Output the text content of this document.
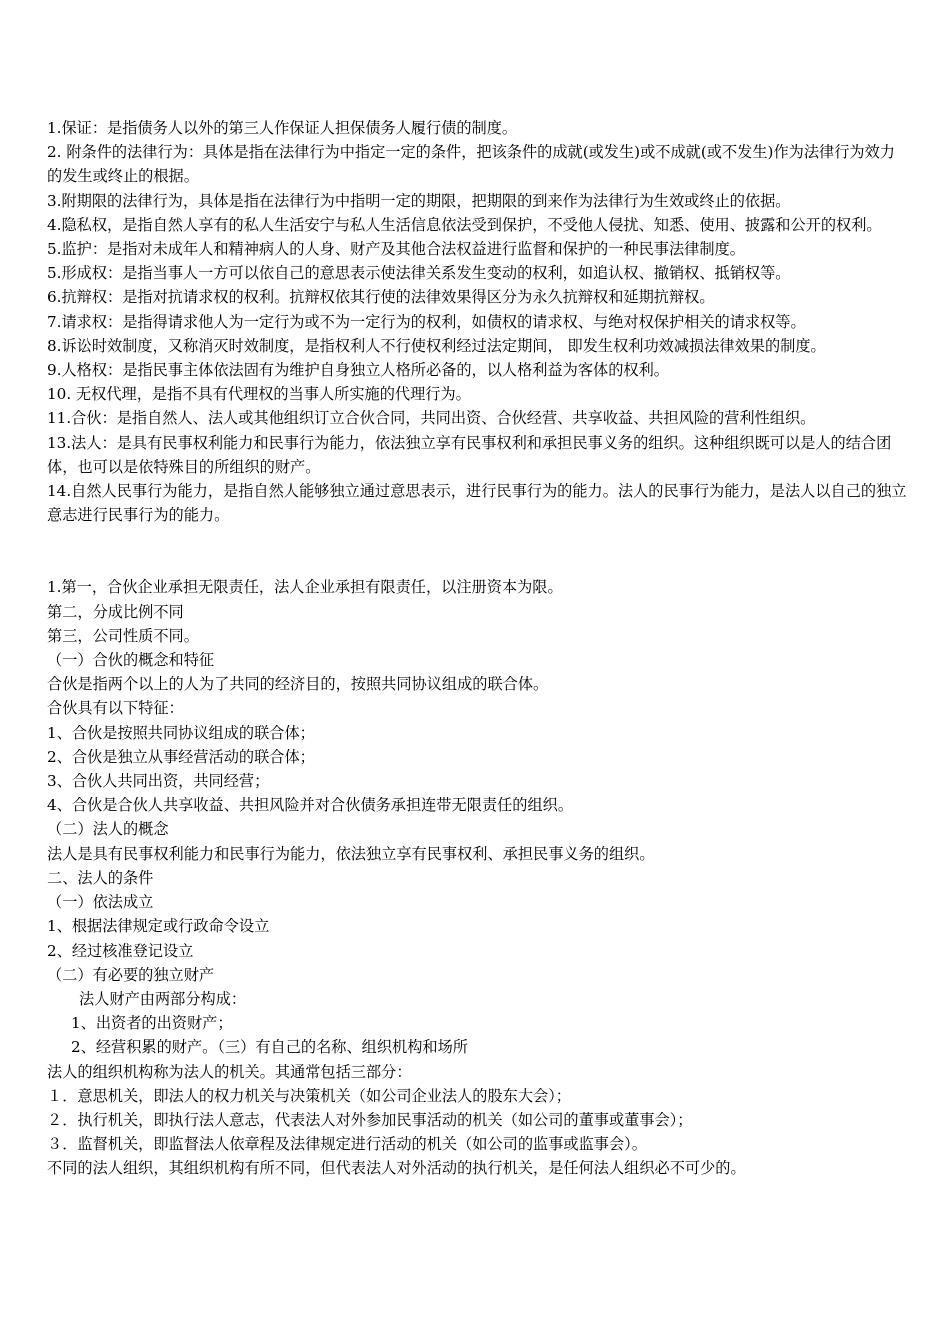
1.保证：是指债务人以外的第三人作保证人担保债务人履行债的制度。

2. 附条件的法律行为：具体是指在法律行为中指定一定的条件，把该条件的成就(或发生)或不成就(或不发生)作为法律行为效力的发生或终止的根据。

3.附期限的法律行为，具体是指在法律行为中指明一定的期限，把期限的到来作为法律行为生效或终止的依据。

4.隐私权，是指自然人享有的私人生活安宁与私人生活信息依法受到保护，不受他人侵扰、知悉、使用、披露和公开的权利。

5.监护：是指对未成年人和精神病人的人身、财产及其他合法权益进行监督和保护的一种民事法律制度。

5.形成权：是指当事人一方可以依自己的意思表示使法律关系发生变动的权利，如追认权、撤销权、抵销权等。

6.抗辩权：是指对抗请求权的权利。抗辩权依其行使的法律效果得区分为永久抗辩权和延期抗辩权。

7.请求权：是指得请求他人为一定行为或不为一定行为的权利，如债权的请求权、与绝对权保护相关的请求权等。

8.诉讼时效制度，又称消灭时效制度，是指权利人不行使权利经过法定期间， 即发生权利功效减损法律效果的制度。

9.人格权：是指民事主体依法固有为维护自身独立人格所必备的，以人格利益为客体的权利。

10. 无权代理，是指不具有代理权的当事人所实施的代理行为。

11.合伙：是指自然人、法人或其他组织订立合伙合同，共同出资、合伙经营、共享收益、共担风险的营利性组织。

13.法人：是具有民事权利能力和民事行为能力，依法独立享有民事权利和承担民事义务的组织。这种组织既可以是人的结合团体，也可以是依特殊目的所组织的财产。

14.自然人民事行为能力，是指自然人能够独立通过意思表示，进行民事行为的能力。法人的民事行为能力，是法人以自己的独立意志进行民事行为的能力。

1.第一，合伙企业承担无限责任，法人企业承担有限责任，以注册资本为限。

第二，分成比例不同

第三，公司性质不同。

（一）合伙的概念和特征

合伙是指两个以上的人为了共同的经济目的，按照共同协议组成的联合体。

合伙具有以下特征：

1、合伙是按照共同协议组成的联合体；

2、合伙是独立从事经营活动的联合体；

3、合伙人共同出资，共同经营；

4、合伙是合伙人共享收益、共担风险并对合伙债务承担连带无限责任的组织。

（二）法人的概念

法人是具有民事权利能力和民事行为能力，依法独立享有民事权利、承担民事义务的组织。

二、法人的条件

（一）依法成立

1、根据法律规定或行政命令设立

2、经过核准登记设立

（二）有必要的独立财产

法人财产由两部分构成：

1、出资者的出资财产；

2、经营积累的财产。（三）有自己的名称、组织机构和场所

法人的组织机构称为法人的机关。其通常包括三部分：

１．意思机关，即法人的权力机关与决策机关（如公司企业法人的股东大会）；

２．执行机关，即执行法人意志，代表法人对外参加民事活动的机关（如公司的董事或董事会）；

３．监督机关，即监督法人依章程及法律规定进行活动的机关（如公司的监事或监事会）。

不同的法人组织，其组织机构有所不同，但代表法人对外活动的执行机关，是任何法人组织必不可少的。
